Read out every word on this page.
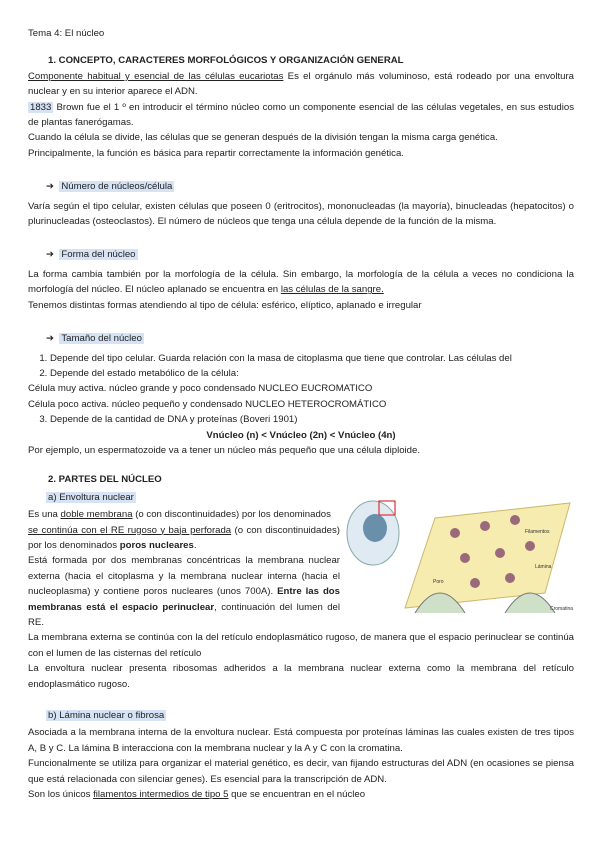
Tema 4: El núcleo

1. CONCEPTO, CARACTERES MORFOLÓGICOS Y ORGANIZACIÓN GENERAL

Componente habitual y esencial de las células eucariotas Es el orgánulo más voluminoso, está rodeado por una envoltura nuclear y en su interior aparece el ADN.

1833 Brown fue el 1 º en introducir el término núcleo como un componente esencial de las células vegetales, en sus estudios de plantas fanerógamas.

Cuando la célula se divide, las células que se generan después de la división tengan la misma carga genética.

Principalmente, la función es básica para repartir correctamente la información genética.

➔  Número de núcleos/célula

Varía según el tipo celular, existen células que poseen 0 (eritrocitos), mononucleadas (la mayoría), binucleadas (hepatocitos) o plurinucleadas (osteoclastos). El número de núcleos que tenga una célula depende de la función de la misma.

➔  Forma del núcleo

La forma cambia también por la morfología de la célula. Sin embargo, la morfología de la célula a veces no condiciona la morfología del núcleo. El núcleo aplanado se encuentra en las células de la sangre.

Tenemos distintas formas atendiendo al tipo de célula: esférico, elíptico, aplanado e irregular

➔  Tamaño del núcleo

1. Depende del tipo celular. Guarda relación con la masa de citoplasma que tiene que controlar. Las células del
2. Depende del estado metabólico de la célula:

Célula muy activa. núcleo grande y poco condensado NUCLEO EUCROMATICO

Célula poco activa. núcleo pequeño y condensado NUCLEO HETEROCROMÁTICO

3. Depende de la cantidad de DNA y proteínas (Boveri 1901)

Vnúcleo (n) < Vnúcleo (2n) < Vnúcleo (4n)

Por ejemplo, un espermatozoide va a tener un núcleo más pequeño que una célula diploide.

2. PARTES DEL NÚCLEO

a) Envoltura nuclear

Es una doble membrana (o con discontinuidades) por los denominados

se continúa con el RE rugoso y baja perforada (o con discontinuidades) por los denominados poros nucleares.

Está formada por dos membranas concéntricas la membrana nuclear externa (hacia el citoplasma y la membrana nuclear interna (hacia el nucleoplasma) y contiene poros nucleares (unos 700A). Entre las dos membranas está el espacio perinuclear, continuación del lumen del RE.

La membrana externa se continúa con la del retículo endoplasmático rugoso, de manera que el espacio perinuclear se continúa con el lumen de las cisternas del retículo

La envoltura nuclear presenta ribosomas adheridos a la membrana nuclear externa como la membrana del retículo endoplasmático rugoso.

b) Lámina nuclear o fibrosa

Asociada a la membrana interna de la envoltura nuclear. Está compuesta por proteínas láminas las cuales existen de tres tipos A, B y C. La lámina B interacciona con la membrana nuclear y la A y C con la cromatina.

Funcionalmente se utiliza para organizar el material genético, es decir, van fijando estructuras del ADN (en ocasiones se piensa que está relacionada con silenciar genes). Es esencial para la transcripción de ADN.

Son los únicos filamentos intermedios de tipo 5 que se encuentran en el núcleo

Filamentos
Lámina
Poro
Cromatina
